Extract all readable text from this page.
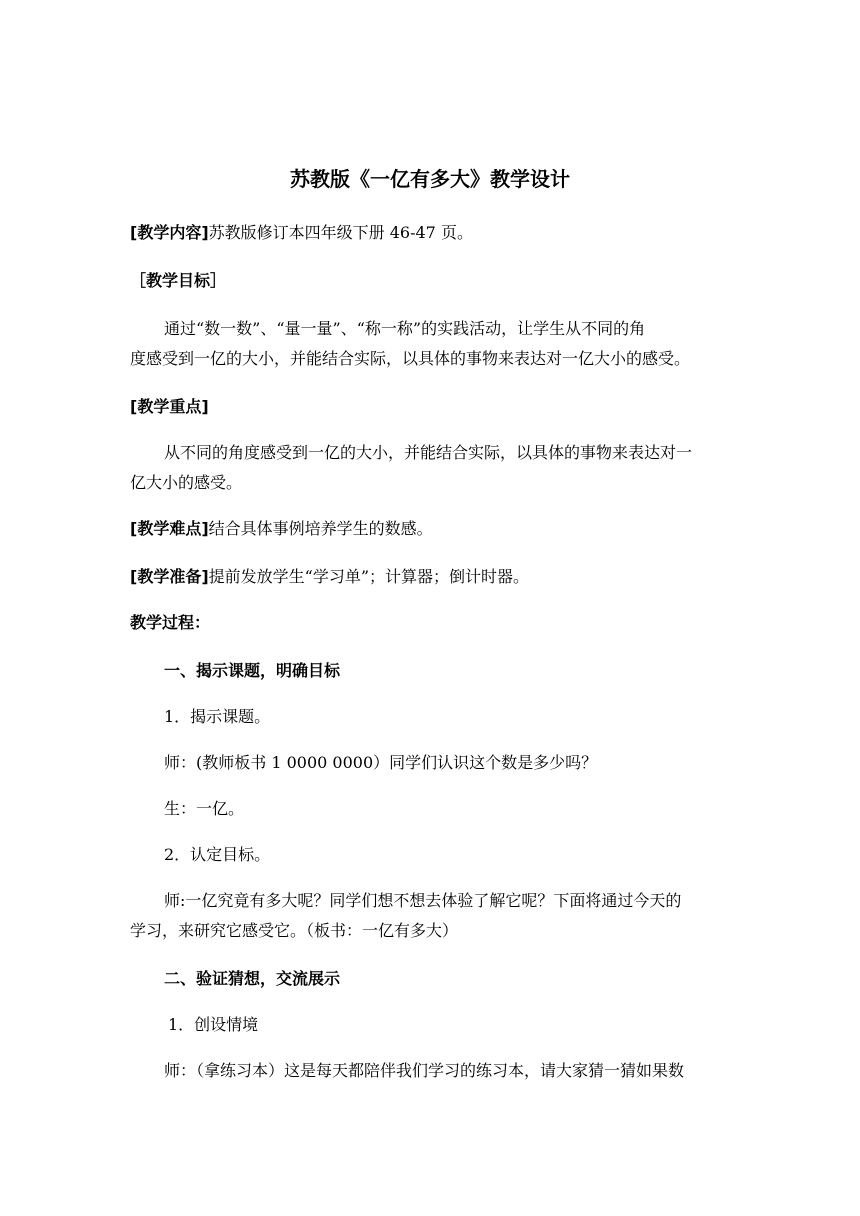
苏教版《一亿有多大》教学设计
[教学内容]苏教版修订本四年级下册 46-47 页。
［教学目标］
通过“数一数”、“量一量”、“称一称”的实践活动，让学生从不同的角
度感受到一亿的大小，并能结合实际，以具体的事物来表达对一亿大小的感受。
[教学重点]
从不同的角度感受到一亿的大小，并能结合实际，以具体的事物来表达对一
亿大小的感受。
[教学难点]结合具体事例培养学生的数感。
[教学准备]提前发放学生“学习单”；计算器；倒计时器。
教学过程：
一、揭示课题，明确目标
1．揭示课题。
师：(教师板书 1 0000 0000）同学们认识这个数是多少吗？
生：一亿。
2．认定目标。
师:一亿究竟有多大呢？同学们想不想去体验了解它呢？下面将通过今天的
学习，来研究它感受它。（板书：一亿有多大）
二、验证猜想，交流展示
1．创设情境
师：（拿练习本）这是每天都陪伴我们学习的练习本，请大家猜一猜如果数
